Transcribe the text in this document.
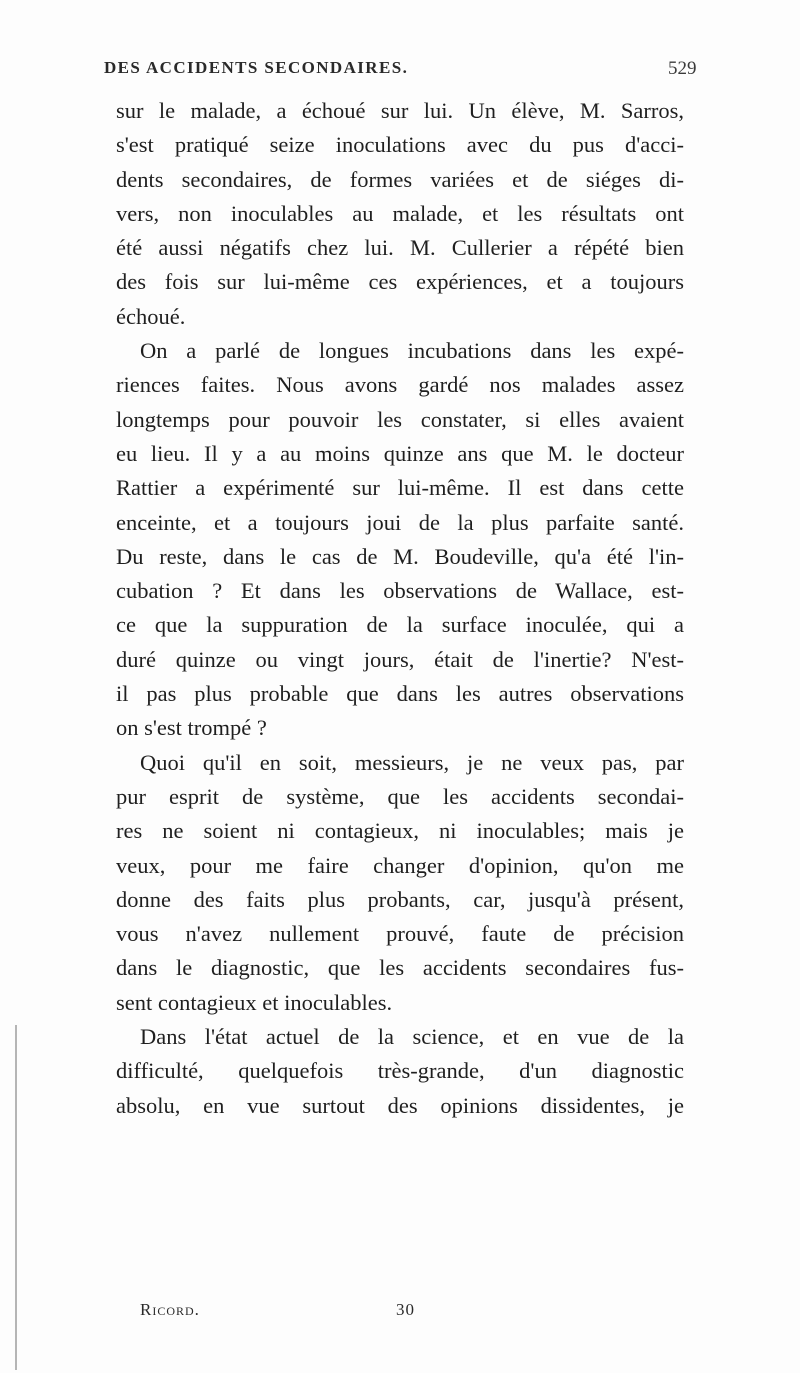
DES ACCIDENTS SECONDAIRES.	529
sur le malade, a échoué sur lui. Un élève, M. Sarros,
s'est pratiqué seize inoculations avec du pus d'acci-
dents secondaires, de formes variées et de siéges di-
vers, non inoculables au malade, et les résultats ont
été aussi négatifs chez lui. M. Cullerier a répété bien
des fois sur lui-même ces expériences, et a toujours
échoué.
On a parlé de longues incubations dans les expé-
riences faites. Nous avons gardé nos malades assez
longtemps pour pouvoir les constater, si elles avaient
eu lieu. Il y a au moins quinze ans que M. le docteur
Rattier a expérimenté sur lui-même. Il est dans cette
enceinte, et a toujours joui de la plus parfaite santé.
Du reste, dans le cas de M. Boudeville, qu'a été l'in-
cubation ? Et dans les observations de Wallace, est-
ce que la suppuration de la surface inoculée, qui a
duré quinze ou vingt jours, était de l'inertie? N'est-
il pas plus probable que dans les autres observations
on s'est trompé ?
Quoi qu'il en soit, messieurs, je ne veux pas, par
pur esprit de système, que les accidents secondai-
res ne soient ni contagieux, ni inoculables; mais je
veux, pour me faire changer d'opinion, qu'on me
donne des faits plus probants, car, jusqu'à présent,
vous n'avez nullement prouvé, faute de précision
dans le diagnostic, que les accidents secondaires fus-
sent contagieux et inoculables.
Dans l'état actuel de la science, et en vue de la
difficulté, quelquefois très-grande, d'un diagnostic
absolu, en vue surtout des opinions dissidentes, je
Ricord.	30
